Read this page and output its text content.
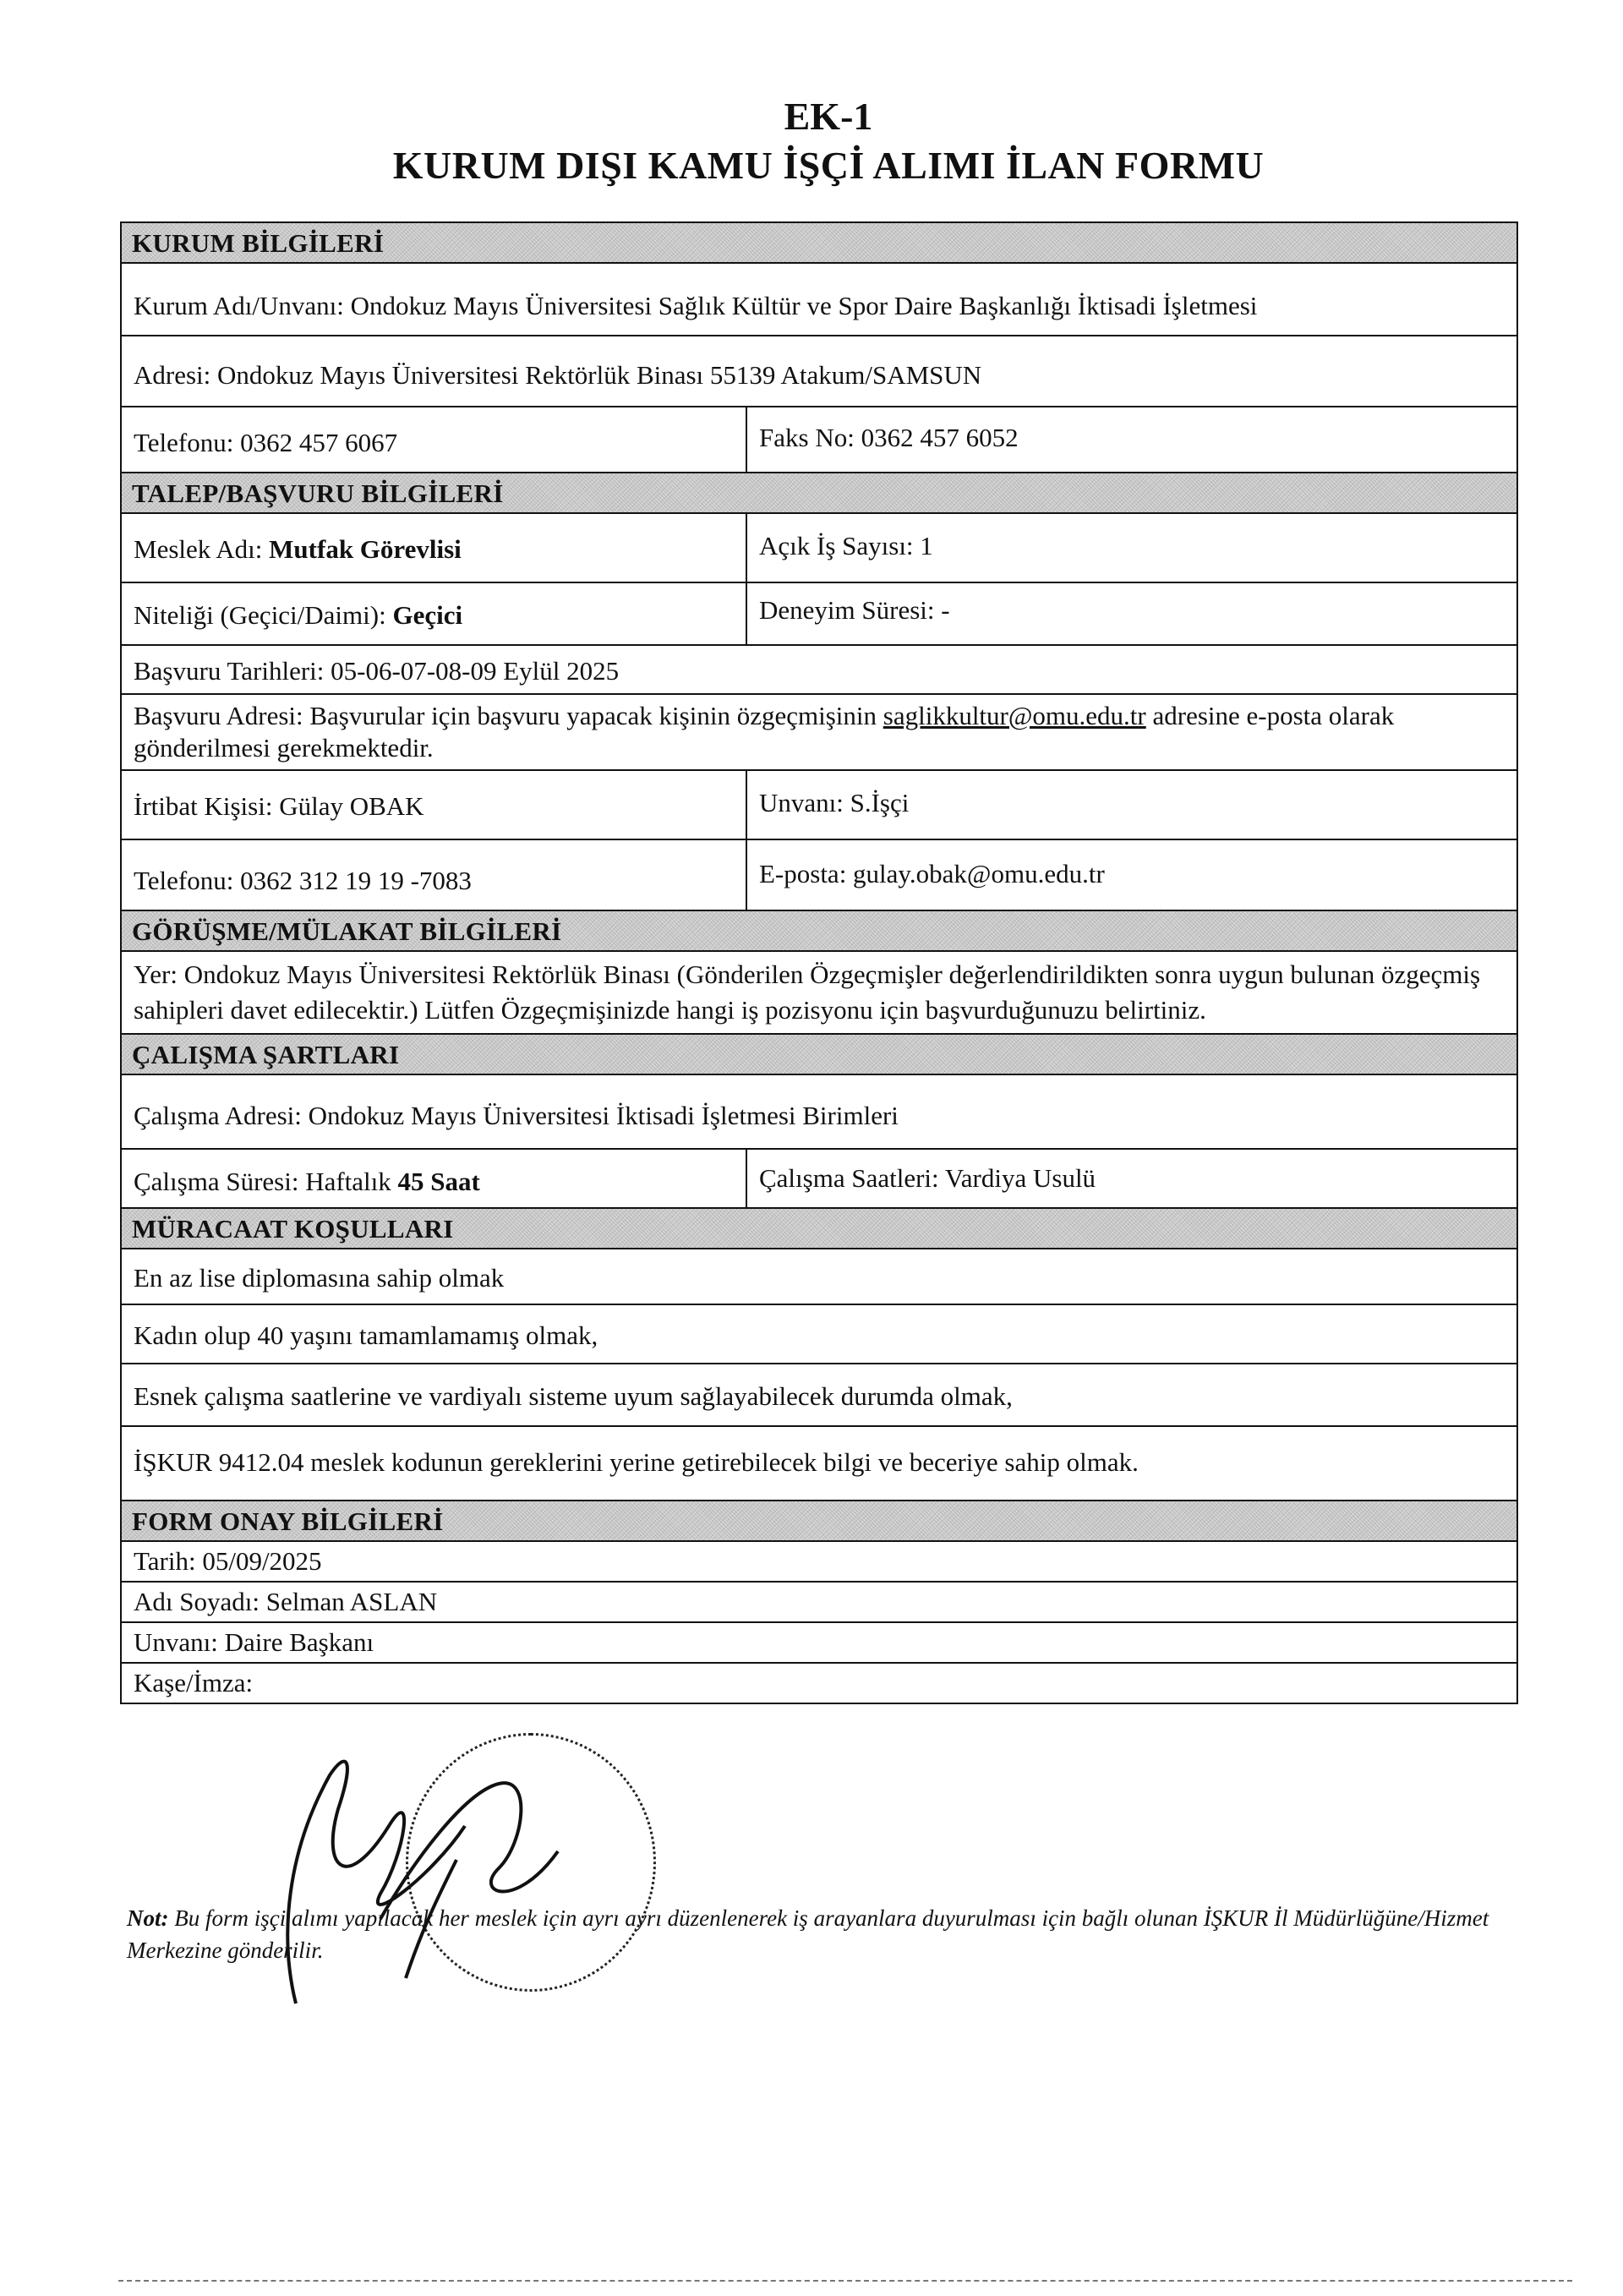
EK-1
KURUM DIŞI KAMU İŞÇİ ALIMI İLAN FORMU
KURUM BİLGİLERİ
Kurum Adı/Unvanı: Ondokuz Mayıs Üniversitesi Sağlık Kültür ve Spor Daire Başkanlığı İktisadi İşletmesi
Adresi: Ondokuz Mayıs Üniversitesi Rektörlük Binası 55139 Atakum/SAMSUN
Telefonu: 0362 457 6067	Faks No: 0362 457 6052
TALEP/BAŞVURU BİLGİLERİ
Meslek Adı: Mutfak Görevlisi	Açık İş Sayısı: 1
Niteliği (Geçici/Daimi): Geçici	Deneyim Süresi: -
Başvuru Tarihleri: 05-06-07-08-09 Eylül 2025
Başvuru Adresi: Başvurular için başvuru yapacak kişinin özgeçmişinin saglikkultur@omu.edu.tr adresine e-posta olarak gönderilmesi gerekmektedir.
İrtibat Kişisi: Gülay OBAK	Unvanı: S.İşçi
Telefonu: 0362 312 19 19 -7083	E-posta: gulay.obak@omu.edu.tr
GÖRÜŞME/MÜLAKAT BİLGİLERİ
Yer: Ondokuz Mayıs Üniversitesi Rektörlük Binası (Gönderilen Özgeçmişler değerlendirildikten sonra uygun bulunan özgeçmiş sahipleri davet edilecektir.) Lütfen Özgeçmişinizde hangi iş pozisyonu için başvurduğunuzu belirtiniz.
ÇALIŞMA ŞARTLARI
Çalışma Adresi: Ondokuz Mayıs Üniversitesi İktisadi İşletmesi Birimleri
Çalışma Süresi: Haftalık 45 Saat	Çalışma Saatleri: Vardiya Usulü
MÜRACAAT KOŞULLARI
En az lise diplomasına sahip olmak
Kadın olup 40 yaşını tamamlamamış olmak,
Esnek çalışma saatlerine ve vardiyalı sisteme uyum sağlayabilecek durumda olmak,
İŞKUR 9412.04 meslek kodunun gereklerini yerine getirebilecek bilgi ve beceriye sahip olmak.
FORM ONAY BİLGİLERİ
Tarih: 05/09/2025
Adı Soyadı: Selman ASLAN
Unvanı: Daire Başkanı
Kaşe/İmza:
Not: Bu form işçi alımı yapılacak her meslek için ayrı ayrı düzenlenerek iş arayanlara duyurulması için bağlı olunan İŞKUR İl Müdürlüğüne/Hizmet Merkezine gönderilir.
